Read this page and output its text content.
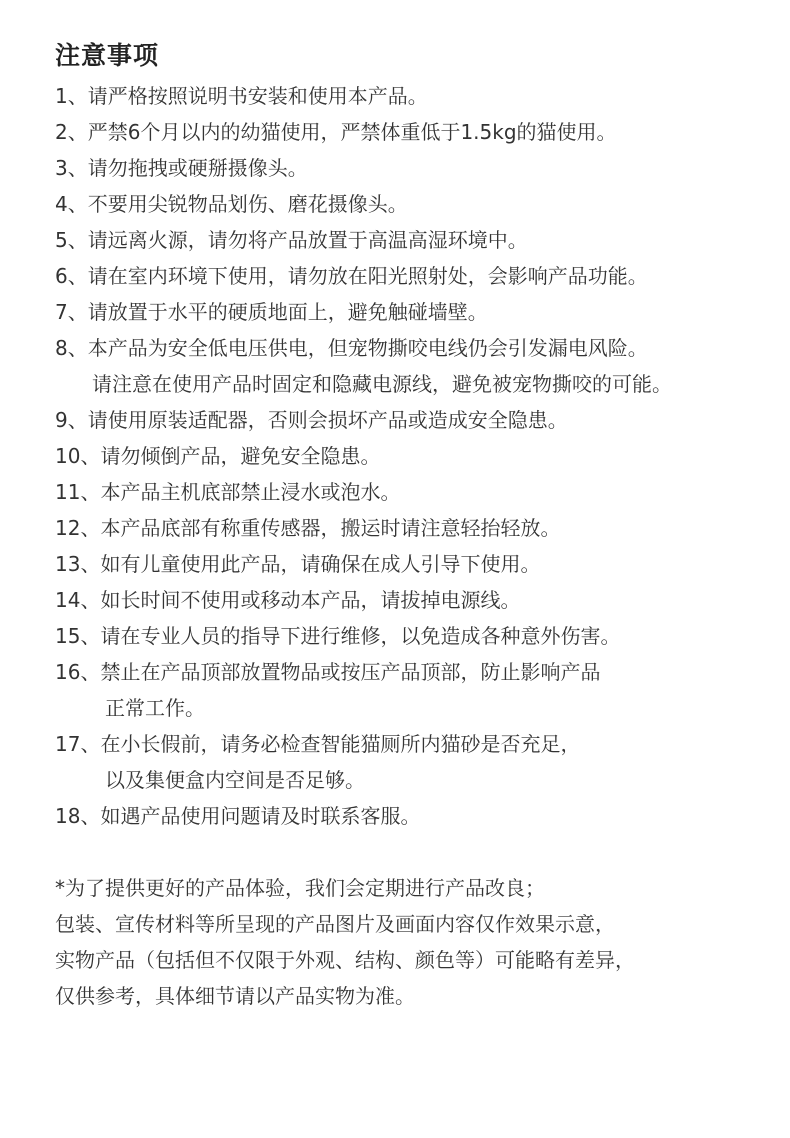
注意事项
1、请严格按照说明书安装和使用本产品。
2、严禁6个月以内的幼猫使用，严禁体重低于1.5kg的猫使用。
3、请勿拖拽或硬掰摄像头。
4、不要用尖锐物品划伤、磨花摄像头。
5、请远离火源，请勿将产品放置于高温高湿环境中。
6、请在室内环境下使用，请勿放在阳光照射处，会影响产品功能。
7、请放置于水平的硬质地面上，避免触碰墙壁。
8、本产品为安全低电压供电，但宠物撕咬电线仍会引发漏电风险。
请注意在使用产品时固定和隐藏电源线，避免被宠物撕咬的可能。
9、请使用原装适配器，否则会损坏产品或造成安全隐患。
10、请勿倾倒产品，避免安全隐患。
11、本产品主机底部禁止浸水或泡水。
12、本产品底部有称重传感器，搬运时请注意轻抬轻放。
13、如有儿童使用此产品，请确保在成人引导下使用。
14、如长时间不使用或移动本产品，请拔掉电源线。
15、请在专业人员的指导下进行维修，以免造成各种意外伤害。
16、禁止在产品顶部放置物品或按压产品顶部，防止影响产品
正常工作。
17、在小长假前，请务必检查智能猫厕所内猫砂是否充足，
以及集便盒内空间是否足够。
18、如遇产品使用问题请及时联系客服。
*为了提供更好的产品体验，我们会定期进行产品改良；
包装、宣传材料等所呈现的产品图片及画面内容仅作效果示意，
实物产品（包括但不仅限于外观、结构、颜色等）可能略有差异，
仅供参考，具体细节请以产品实物为准。
